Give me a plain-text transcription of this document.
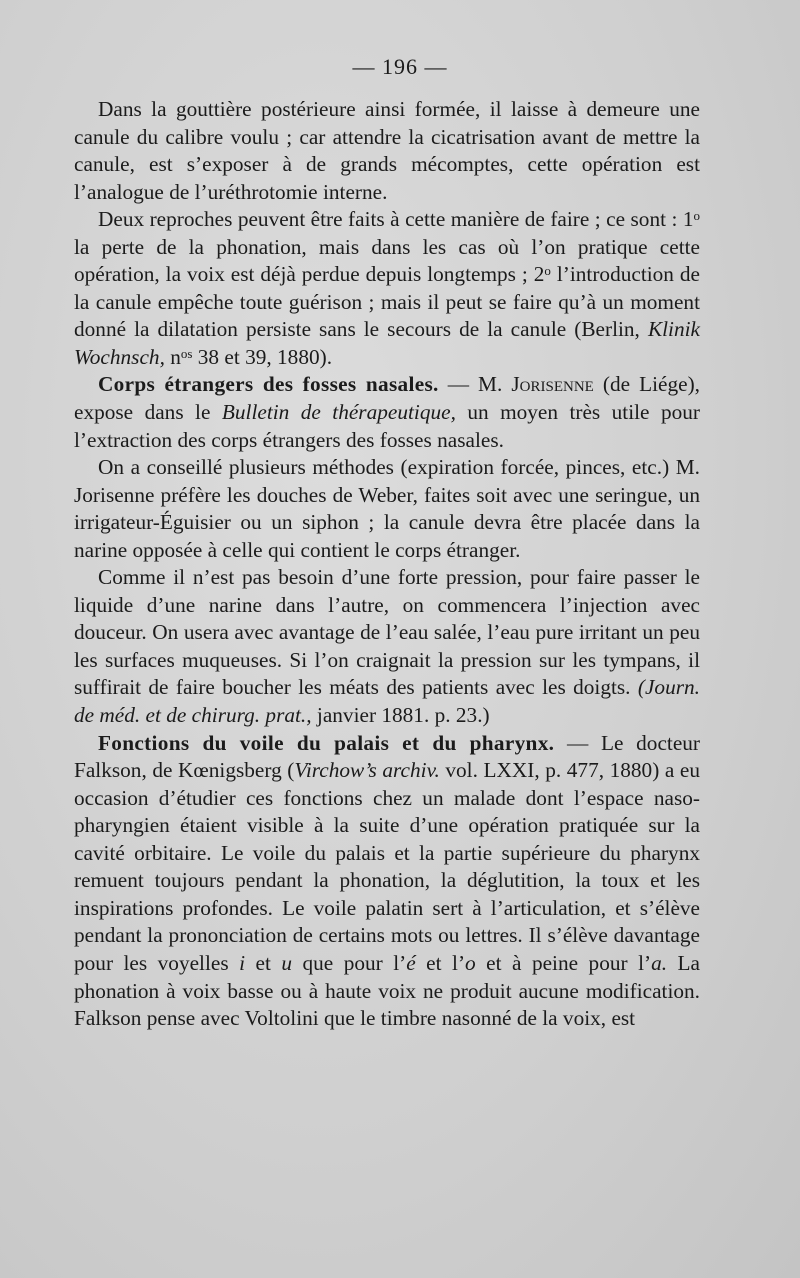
— 196 —

Dans la gouttière postérieure ainsi formée, il laisse à demeure une canule du calibre voulu ; car attendre la cicatrisation avant de mettre la canule, est s’exposer à de grands mécomptes, cette opération est l’analogue de l’uréthrotomie interne.

Deux reproches peuvent être faits à cette manière de faire ; ce sont : 1$^o$ la perte de la phonation, mais dans les cas où l’on pratique cette opération, la voix est déjà perdue depuis longtemps ; 2$^o$ l’introduction de la canule empêche toute guérison ; mais il peut se faire qu’à un moment donné la dilatation persiste sans le secours de la canule (Berlin, Klinik Wochnsch, $n^{os}$ 38 et 39, 1880).

Corps étrangers des fosses nasales. — M. Jorisenne (de Liége), expose dans le Bulletin de thérapeutique, un moyen très utile pour l’extraction des corps étrangers des fosses nasales.

On a conseillé plusieurs méthodes (expiration forcée, pinces, etc.) M. Jorisenne préfère les douches de Weber, faites soit avec une seringue, un irrigateur-Éguisier ou un siphon ; la canule devra être placée dans la narine opposée à celle qui contient le corps étranger.

Comme il n’est pas besoin d’une forte pression, pour faire passer le liquide d’une narine dans l’autre, on commencera l’injection avec douceur. On usera avec avantage de l’eau salée, l’eau pure irritant un peu les surfaces muqueuses. Si l’on craignait la pression sur les tympans, il suffirait de faire boucher les méats des patients avec les doigts. (Journ. de méd. et de chirurg. prat., janvier 1881. p. 23.)

Fonctions du voile du palais et du pharynx. — Le docteur Falkson, de Kœnigsberg (Virchow’s archiv. vol. LXXI, p. 477, 1880) a eu occasion d’étudier ces fonctions chez un malade dont l’espace naso-pharyngien étaient visible à la suite d’une opération pratiquée sur la cavité orbitaire. Le voile du palais et la partie supérieure du pharynx remuent toujours pendant la phonation, la déglutition, la toux et les inspirations profondes. Le voile palatin sert à l’articulation, et s’élève pendant la prononciation de certains mots ou lettres. Il s’élève davantage pour les voyelles i et u que pour l’é et l’o et à peine pour l’a. La phonation à voix basse ou à haute voix ne produit aucune modification. Falkson pense avec Voltolini que le timbre nasonné de la voix, est
